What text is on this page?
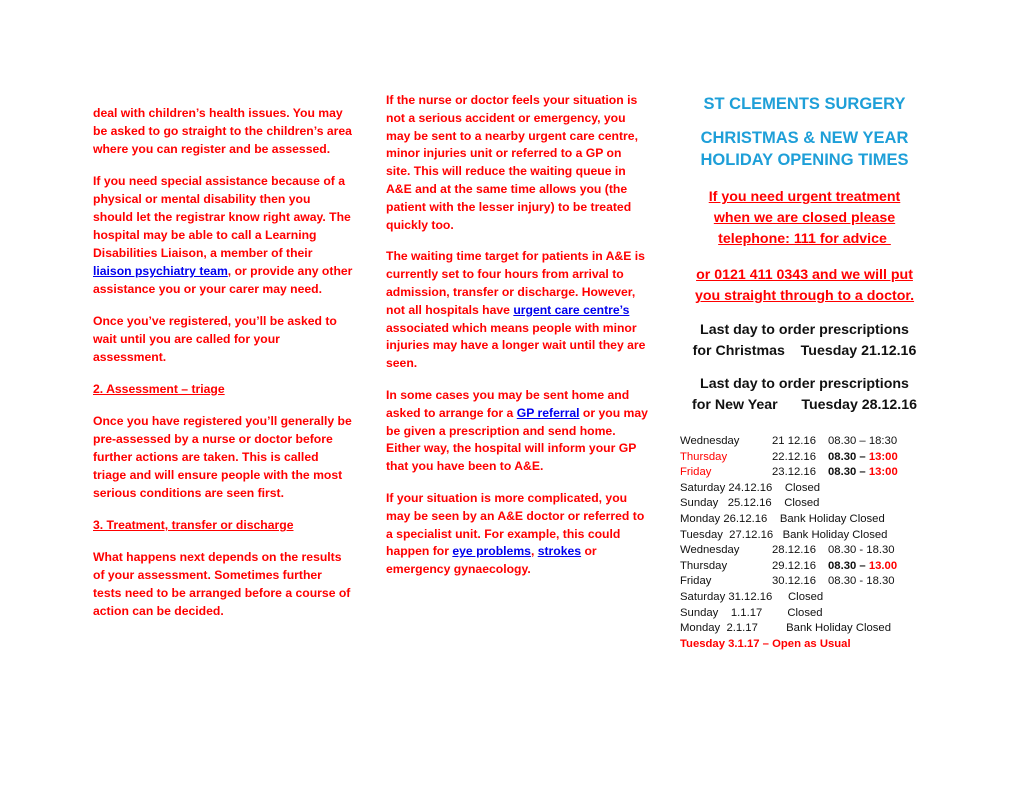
deal with children’s health issues. You may be asked to go straight to the children’s area where you can register and be assessed.

If you need special assistance because of a physical or mental disability then you should let the registrar know right away. The hospital may be able to call a Learning Disabilities Liaison, a member of their liaison psychiatry team, or provide any other assistance you or your carer may need.

Once you’ve registered, you’ll be asked to wait until you are called for your assessment.

2. Assessment – triage

Once you have registered you’ll generally be pre-assessed by a nurse or doctor before further actions are taken. This is called triage and will ensure people with the most serious conditions are seen first.

3. Treatment, transfer or discharge

What happens next depends on the results of your assessment. Sometimes further tests need to be arranged before a course of action can be decided.

If the nurse or doctor feels your situation is not a serious accident or emergency, you may be sent to a nearby urgent care centre, minor injuries unit or referred to a GP on site. This will reduce the waiting queue in A&E and at the same time allows you (the patient with the lesser injury) to be treated quickly too.

The waiting time target for patients in A&E is currently set to four hours from arrival to admission, transfer or discharge. However, not all hospitals have urgent care centre’s associated which means people with minor injuries may have a longer wait until they are seen.

In some cases you may be sent home and asked to arrange for a GP referral or you may be given a prescription and send home. Either way, the hospital will inform your GP that you have been to A&E.

If your situation is more complicated, you may be seen by an A&E doctor or referred to a specialist unit. For example, this could happen for eye problems, strokes or emergency gynaecology.

ST CLEMENTS SURGERY
CHRISTMAS & NEW YEAR
HOLIDAY OPENING TIMES
If you need urgent treatment
when we are closed please
telephone: 111 for advice
or 0121 411 0343 and we will put
you straight through to a doctor.
Last day to order prescriptions
for Christmas    Tuesday 21.12.16
Last day to order prescriptions
for New Year      Tuesday 28.12.16
Wednesday	21 12.16 08.30 – 18:30
Thursday	22.12.16 08.30 – 13:00
Friday	23.12.16 08.30 – 13:00
Saturday 24.12.16    Closed
Sunday   25.12.16    Closed
Monday 26.12.16    Bank Holiday Closed
Tuesday  27.12.16   Bank Holiday Closed
Wednesday	28.12.16 08.30 - 18.30
Thursday	29.12.16 08.30 – 13.00
Friday	30.12.16 08.30 - 18.30
Saturday 31.12.16     Closed
Sunday    1.1.17        Closed
Monday  2.1.17         Bank Holiday Closed
Tuesday 3.1.17 – Open as Usual
